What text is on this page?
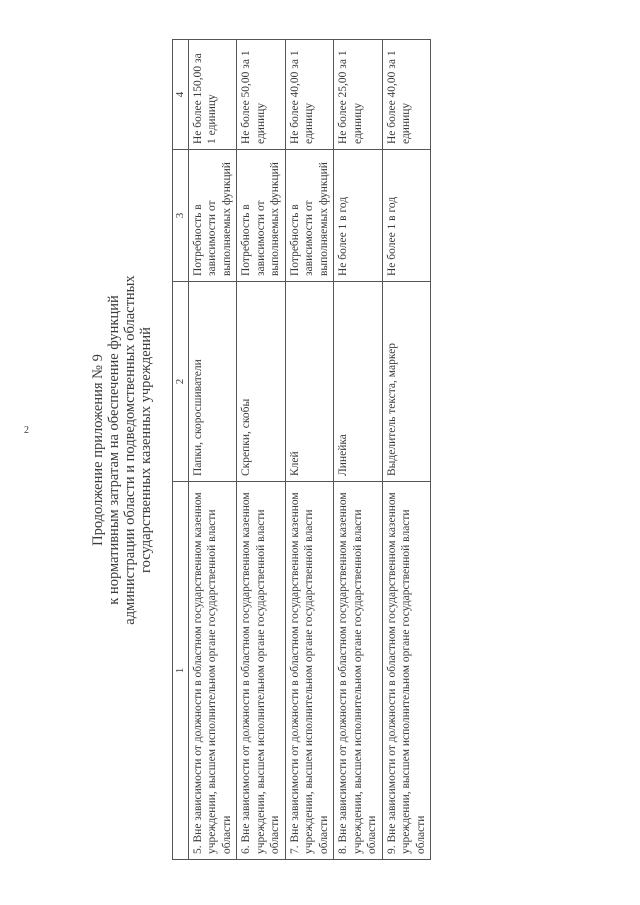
2	Продолжение приложения № 9 к нормативным затратам на обеспечение функций администрации области и подведомственных областных государственных казенных учреждений
1	2	3	4
5. Вне зависимости от должности в областном государственном казенном учреждении, высшем исполнительном органе государственной власти области	Папки, скоросшиватели	Потребность в зависимости от выполняемых функций	Не более 150,00 за 1 единицу
6. Вне зависимости от должности в областном государственном казенном учреждении, высшем исполнительном органе государственной власти области	Скрепки, скобы	Потребность в зависимости от выполняемых функций	Не более 50,00 за 1 единицу
7. Вне зависимости от должности в областном государственном казенном учреждении, высшем исполнительном органе государственной власти области	Клей	Потребность в зависимости от выполняемых функций	Не более 40,00 за 1 единицу
8. Вне зависимости от должности в областном государственном казенном учреждении, высшем исполнительном органе государственной власти области	Линейка	Не более 1 в год	Не более 25,00 за 1 единицу
9. Вне зависимости от должности в областном государственном казенном учреждении, высшем исполнительном органе государственной власти области	Выделитель текста, маркер	Не более 1 в год	Не более 40,00 за 1 единицу
